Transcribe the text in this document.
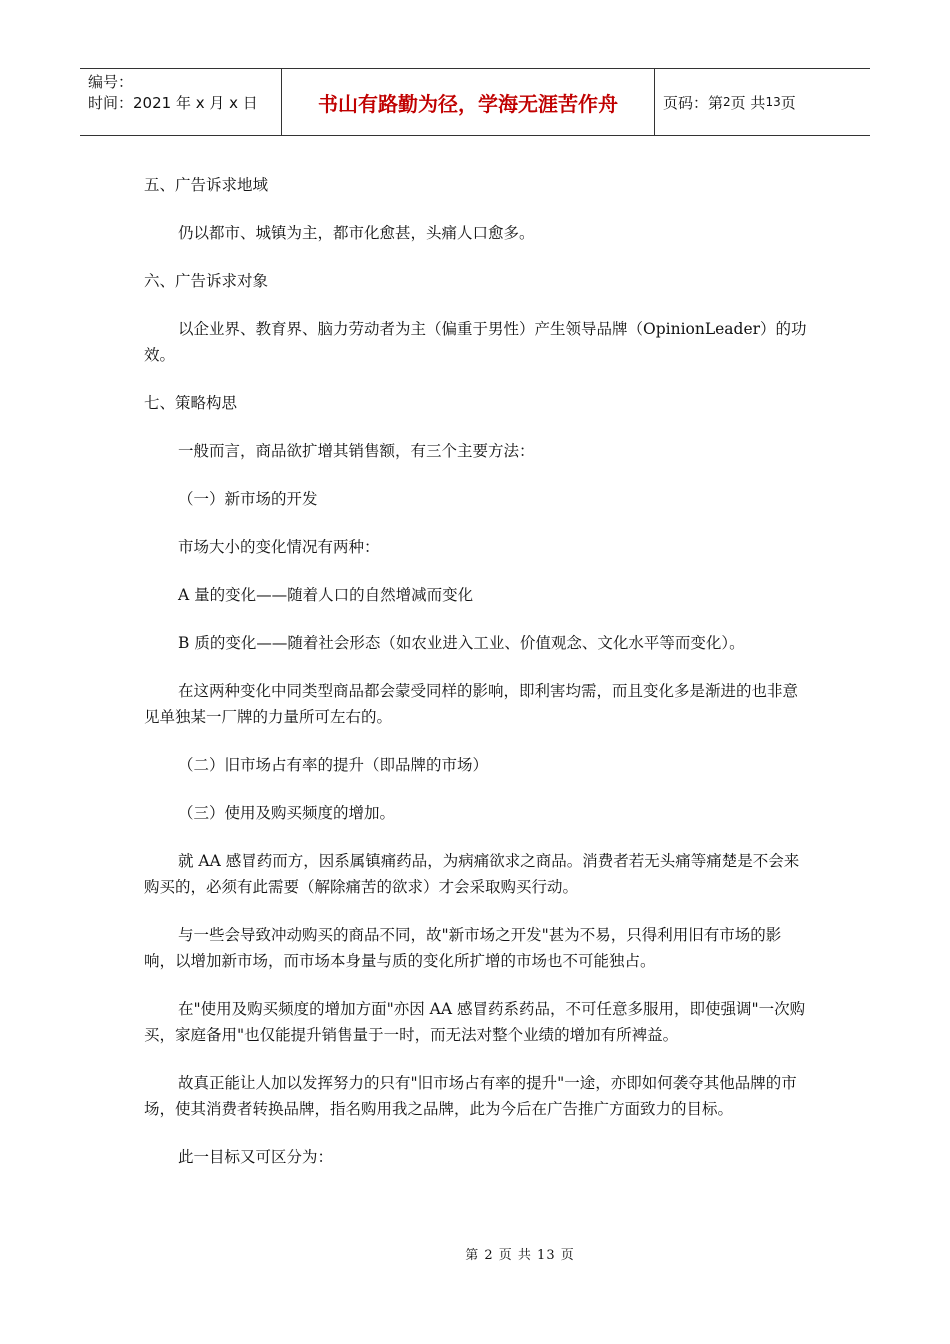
编号：
时间：2021 年 x 月 x 日	书山有路勤为径，学海无涯苦作舟	页码：第 2 页 共 13 页

五、广告诉求地域

仍以都市、城镇为主，都市化愈甚，头痛人口愈多。

六、广告诉求对象

以企业界、教育界、脑力劳动者为主（偏重于男性）产生领导品牌（OpinionLeader）的功效。

七、策略构思

一般而言，商品欲扩增其销售额，有三个主要方法：

（一）新市场的开发

市场大小的变化情况有两种：

A 量的变化——随着人口的自然增减而变化

B 质的变化——随着社会形态（如农业进入工业、价值观念、文化水平等而变化）。

在这两种变化中同类型商品都会蒙受同样的影响，即利害均需，而且变化多是渐进的也非意见单独某一厂牌的力量所可左右的。

（二）旧市场占有率的提升（即品牌的市场）

（三）使用及购买频度的增加。

就 AA 感冒药而方，因系属镇痛药品，为病痛欲求之商品。消费者若无头痛等痛楚是不会来购买的，必须有此需要（解除痛苦的欲求）才会采取购买行动。

与一些会导致冲动购买的商品不同，故"新市场之开发"甚为不易，只得利用旧有市场的影响，以增加新市场，而市场本身量与质的变化所扩增的市场也不可能独占。

在"使用及购买频度的增加方面"亦因 AA 感冒药系药品，不可任意多服用，即使强调"一次购买，家庭备用"也仅能提升销售量于一时，而无法对整个业绩的增加有所裨益。

故真正能让人加以发挥努力的只有"旧市场占有率的提升"一途，亦即如何袭夺其他品牌的市场，使其消费者转换品牌，指名购用我之品牌，此为今后在广告推广方面致力的目标。

此一目标又可区分为：

第 2 页 共 13 页
